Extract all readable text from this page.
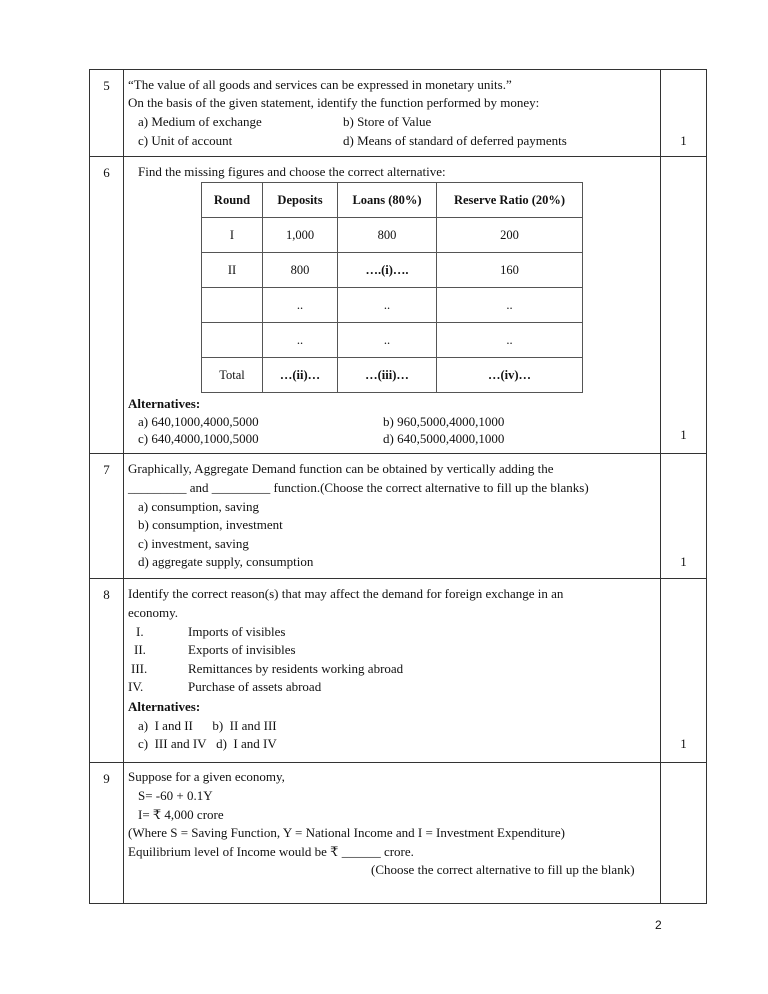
5	“The value of all goods and services can be expressed in monetary units.”
On the basis of the given statement, identify the function performed by money:
a) Medium of exchange	b) Store of Value
c) Unit of account	d) Means of standard of deferred payments	1
6	Find the missing figures and choose the correct alternative:
Round	Deposits	Loans (80%)	Reserve Ratio (20%)
I	1,000	800	200
II	800	….(i)….	160
	..	..	..
	..	..	..
Total	…(ii)…	…(iii)…	…(iv)…
Alternatives:
a) 640,1000,4000,5000	b) 960,5000,4000,1000
c) 640,4000,1000,5000	d) 640,5000,4000,1000	1
7	Graphically, Aggregate Demand function can be obtained by vertically adding the
_________ and _________ function.(Choose the correct alternative to fill up the blanks)
a) consumption, saving
b) consumption, investment
c) investment, saving
d) aggregate supply, consumption	1
8	Identify the correct reason(s) that may affect the demand for foreign exchange in an
economy.
I.	Imports of visibles
II.	Exports of invisibles
III.	Remittances by residents working abroad
IV.	Purchase of assets abroad
Alternatives:
a)  I and II      b)  II and III
c)  III and IV   d)  I and IV	1
9	Suppose for a given economy,
S= -60 + 0.1Y
I= ₹ 4,000 crore
(Where S = Saving Function, Y = National Income and I = Investment Expenditure)
Equilibrium level of Income would be ₹ ______ crore.
(Choose the correct alternative to fill up the blank)
2
